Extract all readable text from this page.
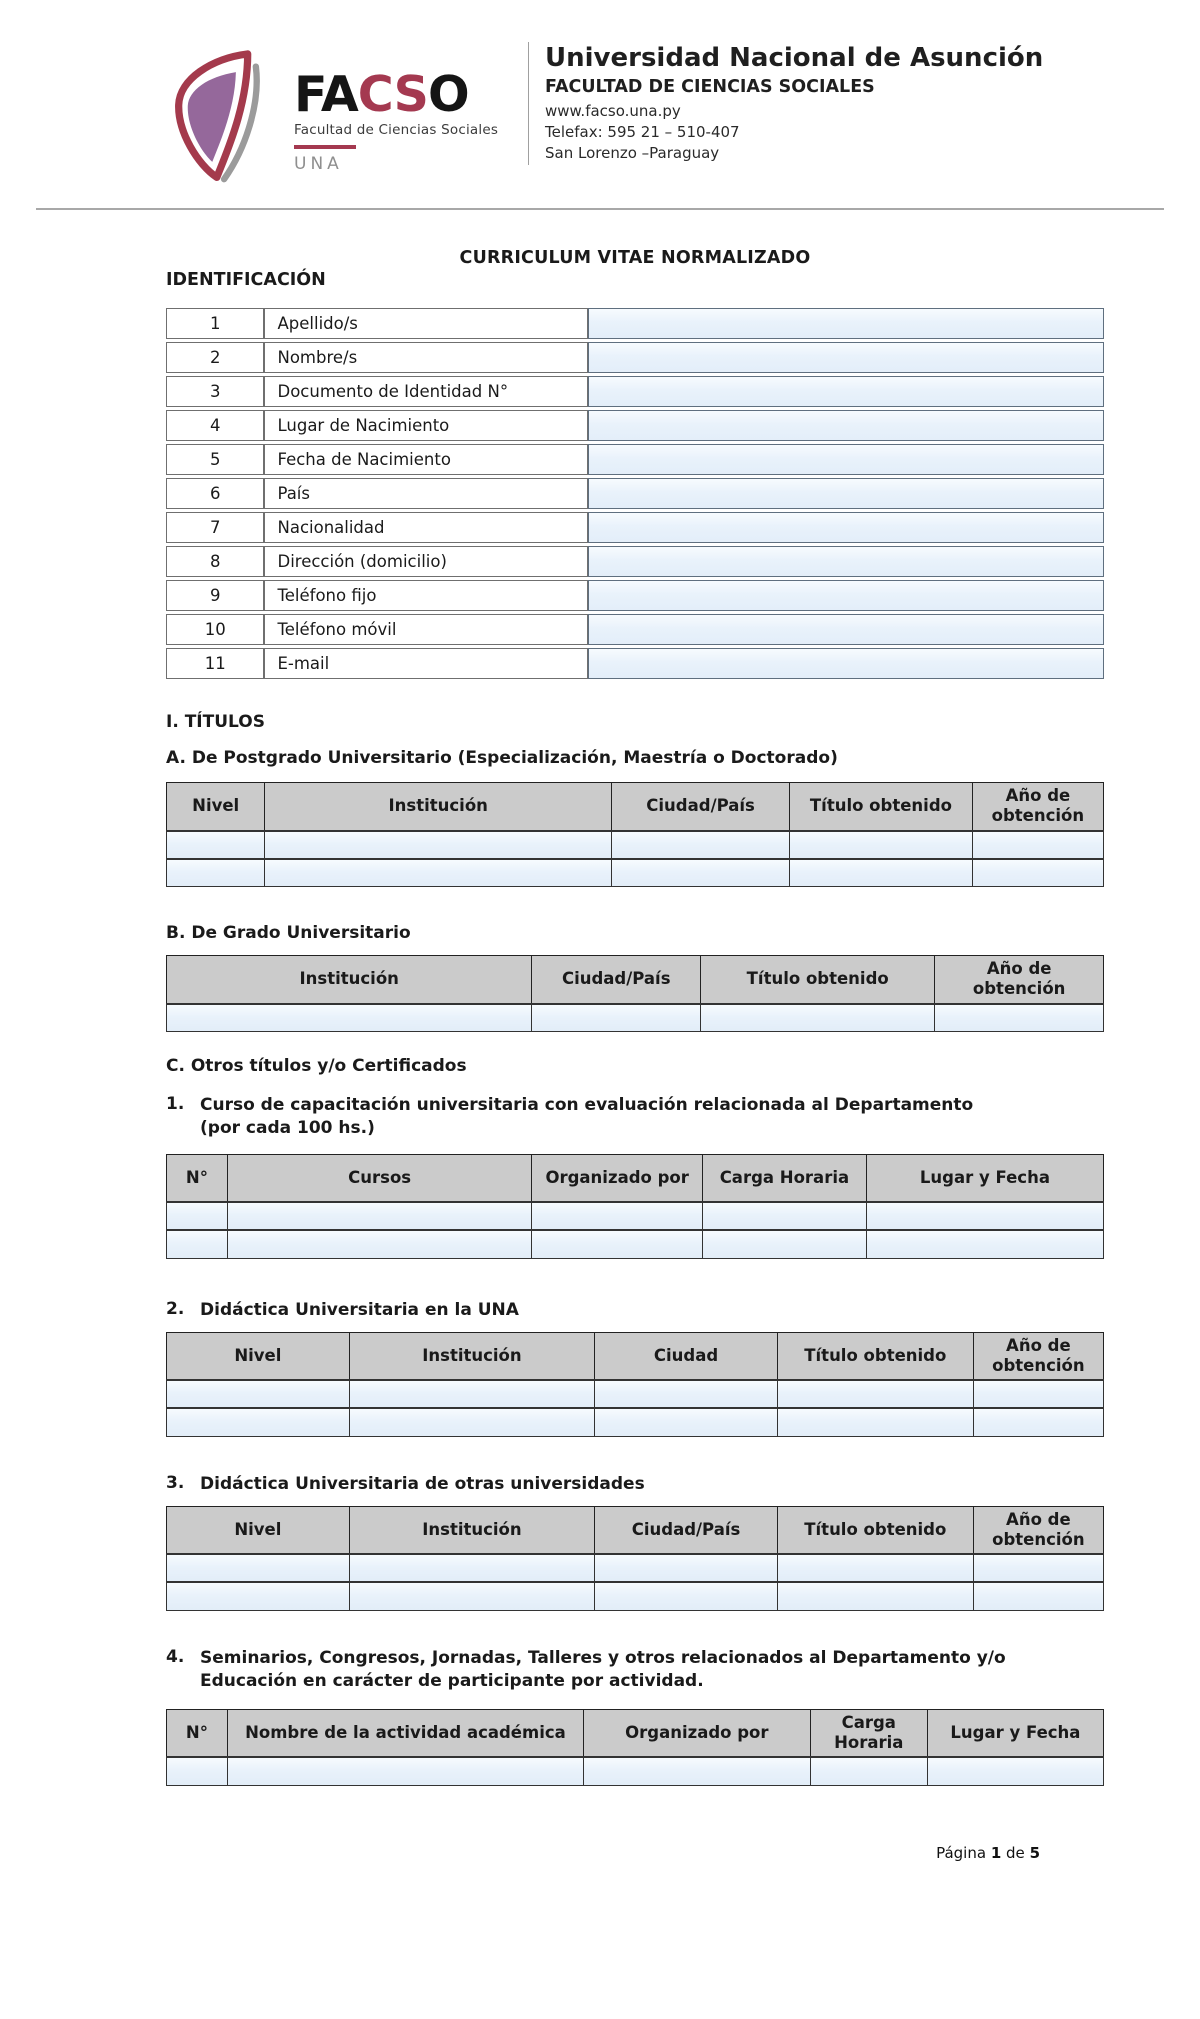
FACSO
Facultad de Ciencias Sociales
UNA
Universidad Nacional de Asunción
FACULTAD DE CIENCIAS SOCIALES
www.facso.una.py
Telefax: 595 21 – 510-407
San Lorenzo –Paraguay
CURRICULUM VITAE NORMALIZADO
IDENTIFICACIÓN
1	Apellido/s	
2	Nombre/s	
3	Documento de Identidad N°	
4	Lugar de Nacimiento	
5	Fecha de Nacimiento	
6	País	
7	Nacionalidad	
8	Dirección (domicilio)	
9	Teléfono fijo	
10	Teléfono móvil	
11	E-mail	
I. TÍTULOS
A. De Postgrado Universitario (Especialización, Maestría o Doctorado)
Nivel	Institución	Ciudad/País	Título obtenido	Año de obtención

B. De Grado Universitario
Institución	Ciudad/País	Título obtenido	Año de obtención

C. Otros títulos y/o Certificados
1. Curso de capacitación universitaria con evaluación relacionada al Departamento
(por cada 100 hs.)
N°	Cursos	Organizado por	Carga Horaria	Lugar y Fecha

2. Didáctica Universitaria en la UNA
Nivel	Institución	Ciudad	Título obtenido	Año de obtención

3. Didáctica Universitaria de otras universidades
Nivel	Institución	Ciudad/País	Título obtenido	Año de obtención

4. Seminarios, Congresos, Jornadas, Talleres y otros relacionados al Departamento y/o
Educación en carácter de participante por actividad.
N°	Nombre de la actividad académica	Organizado por	Carga Horaria	Lugar y Fecha

Página 1 de 5
